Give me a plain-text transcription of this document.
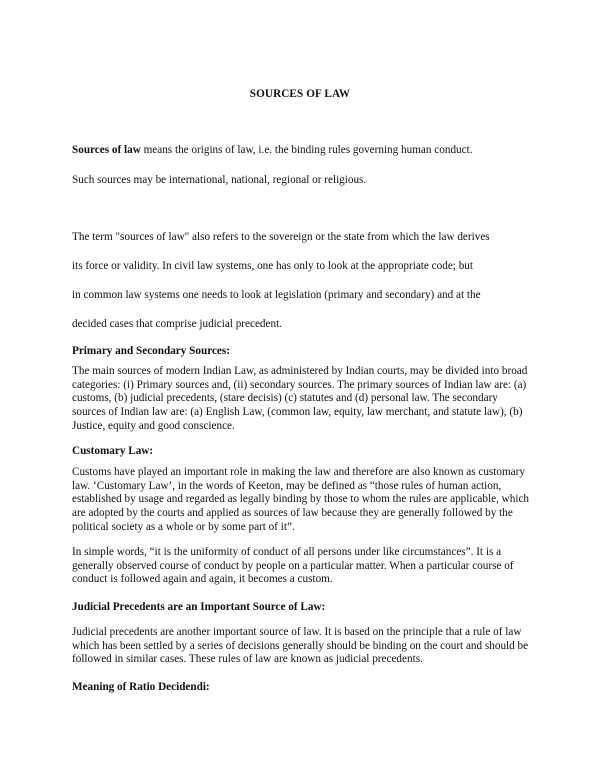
SOURCES OF LAW
Sources of law means the origins of law, i.e. the binding rules governing human conduct.
Such sources may be international, national, regional or religious.
The term "sources of law" also refers to the sovereign or the state from which the law derives
its force or validity. In civil law systems, one has only to look at the appropriate code; but
in common law systems one needs to look at legislation (primary and secondary) and at the
decided cases that comprise judicial precedent.
Primary and Secondary Sources:
The main sources of modern Indian Law, as administered by Indian courts, may be divided into broad categories: (i) Primary sources and, (ii) secondary sources. The primary sources of Indian law are: (a) customs, (b) judicial precedents, (stare decisis) (c) statutes and (d) personal law. The secondary sources of Indian law are: (a) English Law, (common law, equity, law merchant, and statute law), (b) Justice, equity and good conscience.
Customary Law:
Customs have played an important role in making the law and therefore are also known as customary law. ‘Customary Law’, in the words of Keeton, may be defined as “those rules of human action, established by usage and regarded as legally binding by those to whom the rules are applicable, which are adopted by the courts and applied as sources of law because they are generally followed by the political society as a whole or by some part of it”.
In simple words, “it is the uniformity of conduct of all persons under like circumstances”. It is a generally observed course of conduct by people on a particular matter. When a particular course of conduct is followed again and again, it becomes a custom.
Judicial Precedents are an Important Source of Law:
Judicial precedents are another important source of law. It is based on the principle that a rule of law which has been settled by a series of decisions generally should be binding on the court and should be followed in similar cases. These rules of law are known as judicial precedents.
Meaning of Ratio Decidendi:
